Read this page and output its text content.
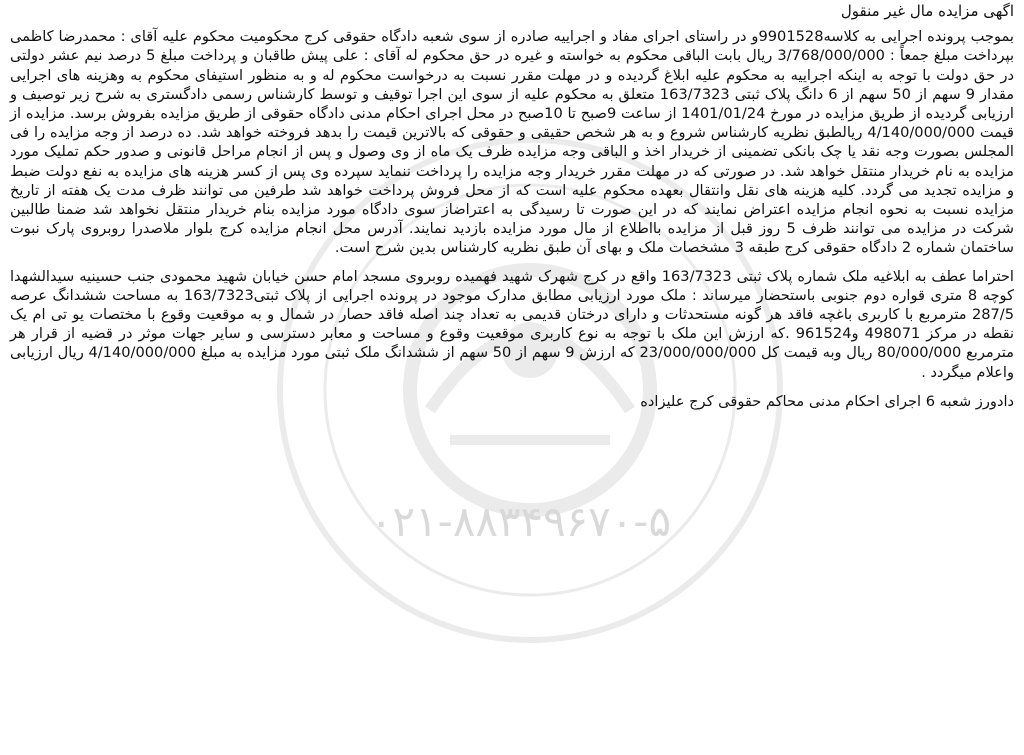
۰۲۱-۸۸۳۴۹۶۷۰-۵

اگهی مزایده مال غیر منقول

بموجب پرونده اجرایی به کلاسه9901528و در راستای اجرای مفاد و اجراییه صادره از سوی شعبه دادگاه حقوقی کرج محکومیت محکوم علیه آقای : محمدرضا کاظمی بپرداخت مبلغ جمعاً : 3/768/000/000 ریال بابت الباقی محکوم به خواسته و غیره در حق محکوم له آقای : علی پیش طاقبان و پرداخت مبلغ 5 درصد نیم عشر دولتی در حق دولت با توجه به اینکه اجراییه به محکوم علیه ابلاغ گردیده و در مهلت مقرر نسبت به درخواست محکوم له و به منظور استیفای محکوم به وهزینه های اجرایی مقدار 9 سهم از 50 سهم از 6 دانگ پلاک ثبتی 163/7323 متعلق به محکوم علیه از سوی این اجرا توقیف و توسط کارشناس رسمی دادگستری به شرح زیر توصیف و ارزیابی گردیده از طریق مزایده در مورخ 1401/01/24 از ساعت 9صبح تا 10صبح در محل اجرای احکام مدنی دادگاه حقوقی از طریق مزایده بفروش برسد. مزایده از قیمت 4/140/000/000 ریالطبق نظریه کارشناس شروع و به هر شخص حقیقی و حقوقی که بالاترین قیمت را بدهد فروخته خواهد شد. ده درصد از وجه مزایده را فی المجلس بصورت وجه نقد یا چک بانکی تضمینی از خریدار اخذ و الباقی وجه مزایده ظرف یک ماه از وی وصول و پس از انجام مراحل قانونی و صدور حکم تملیک مورد مزایده به نام خریدار منتقل خواهد شد. در صورتی که در مهلت مقرر خریدار وجه مزایده را پرداخت ننماید سپرده وی پس از کسر هزینه های مزایده به نفع دولت ضبط و مزایده تجدید می گردد. کلیه هزینه های نقل وانتقال بعهده محکوم علیه است که از محل فروش پرداخت خواهد شد طرفین می توانند ظرف مدت یک هفته از تاریخ مزایده نسبت به نحوه انجام مزایده اعتراض نمایند که در این صورت تا رسیدگی به اعتراضاز سوی دادگاه مورد مزایده بنام خریدار منتقل نخواهد شد ضمنا طالبین شرکت در مزایده می توانند ظرف 5 روز قبل از مزایده بااطلاع از مال مورد مزایده بازدید نمایند. آدرس محل انجام مزایده کرج بلوار ملاصدرا روبروی پارک نبوت ساختمان شماره 2 دادگاه حقوقی کرج طبقه 3 مشخصات ملک و بهای آن طبق نظریه کارشناس بدین شرح است.

احتراما عطف به ابلاغیه ملک شماره پلاک ثبتی 163/7323 واقع در کرج شهرک شهید فهمیده روبروی مسجد امام حسن خیابان شهید محمودی جنب حسینیه سیدالشهدا کوچه 8 متری قواره دوم جنوبی باستحضار میرساند : ملک مورد ارزیابی مطابق مدارک موجود در پرونده اجرایی از پلاک ثبتی163/7323 به مساحت ششدانگ عرصه 287/5 مترمربع با کاربری باغچه فاقد هر گونه مستحدثات و دارای درختان قدیمی به تعداد چند اصله فاقد حصار در شمال و به موقعیت وقوع با مختصات یو تی ام یک نقطه در مرکز 498071 و961524 .که ارزش این ملک با توجه به نوع کاربری موقعیت وقوع و مساحت و معابر دسترسی و سایر جهات موثر در قضیه از قرار هر مترمربع 80/000/000 ریال وبه قیمت کل 23/000/000/000 که ارزش 9 سهم از 50 سهم از ششدانگ ملک ثبتی مورد مزایده به مبلغ 4/140/000/000 ریال ارزیابی واعلام میگردد .

دادورز شعبه 6 اجرای احکام مدنی محاکم حقوقی کرج علیزاده
